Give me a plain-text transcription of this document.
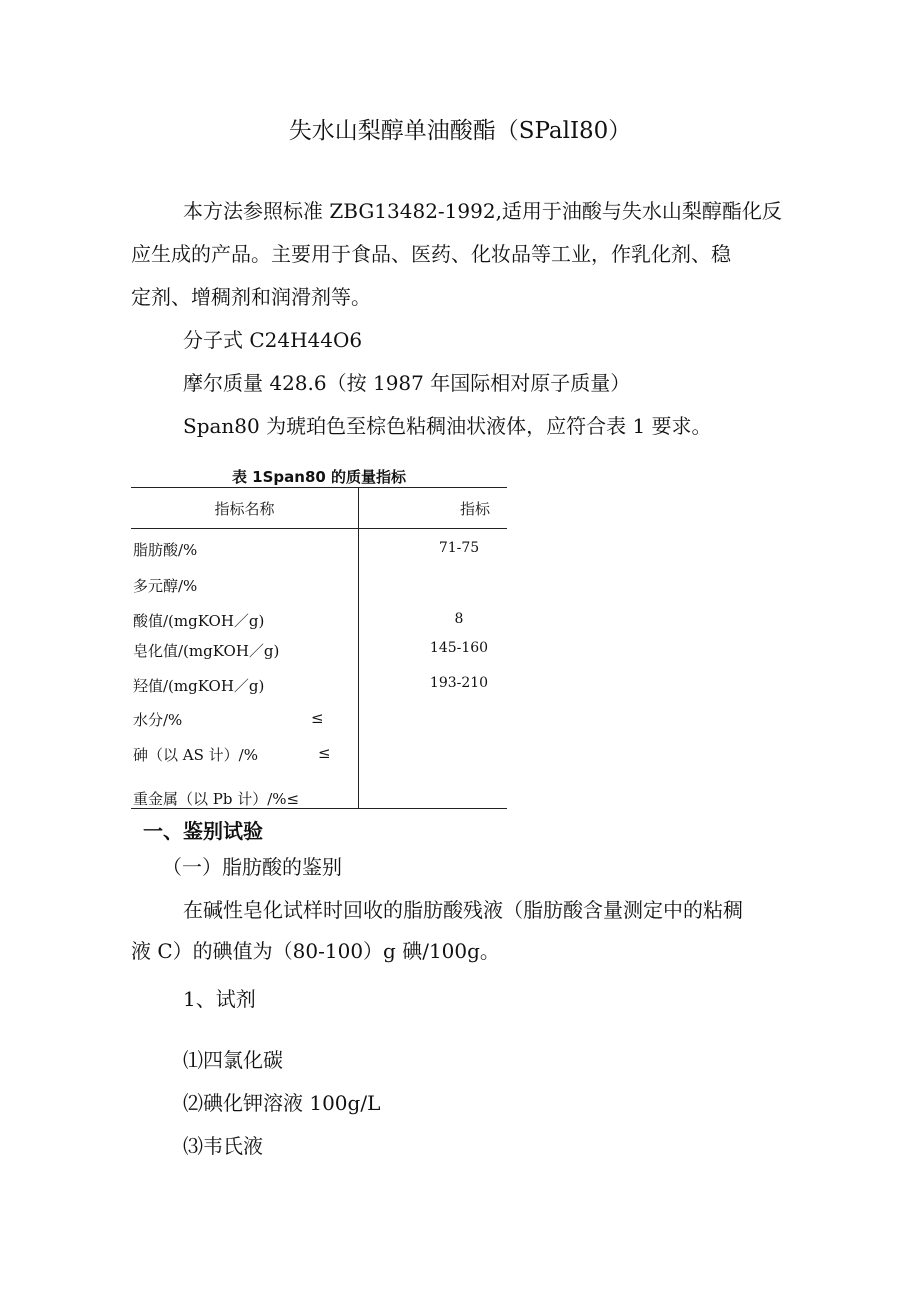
失水山梨醇单油酸酯（SPalI80）
本方法参照标准 ZBG13482-1992,适用于油酸与失水山梨醇酯化反
应生成的产品。主要用于食品、医药、化妆品等工业，作乳化剂、稳
定剂、增稠剂和润滑剂等。
分子式 C24H44O6
摩尔质量 428.6（按 1987 年国际相对原子质量）
Span80 为琥珀色至棕色粘稠油状液体，应符合表 1 要求。
表 1Span80 的质量指标
指标名称	指标
脂肪酸/%	71-75
多元醇/%
酸值/(mgKOH／g)	8
皂化值/(mgKOH／g)	145-160
羟值/(mgKOH／g)	193-210
水分/%	≤
砷（以 AS 计）/%	≤
重金属（以 Pb 计）/%≤
一、鉴别试验
（一）脂肪酸的鉴别
在碱性皂化试样时回收的脂肪酸残液（脂肪酸含量测定中的粘稠
液 C）的碘值为（80-100）g 碘/100g。
1、试剂
⑴四氯化碳
⑵碘化钾溶液 100g/L
⑶韦氏液
